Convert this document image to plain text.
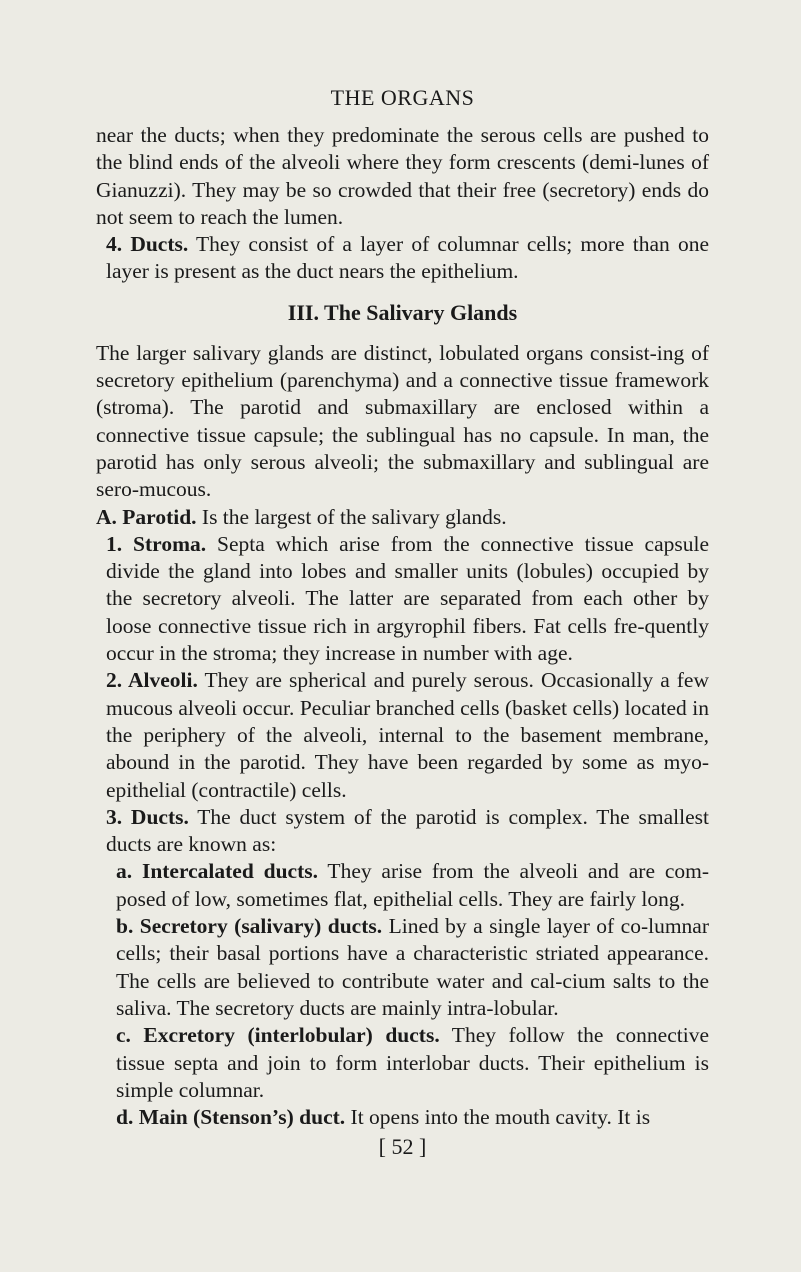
THE ORGANS

near the ducts; when they predominate the serous cells are pushed to the blind ends of the alveoli where they form crescents (demi-lunes of Gianuzzi). They may be so crowded that their free (secretory) ends do not seem to reach the lumen.

4. Ducts. They consist of a layer of columnar cells; more than one layer is present as the duct nears the epithelium.

III. The Salivary Glands

The larger salivary glands are distinct, lobulated organs consist-ing of secretory epithelium (parenchyma) and a connective tissue framework (stroma). The parotid and submaxillary are enclosed within a connective tissue capsule; the sublingual has no capsule. In man, the parotid has only serous alveoli; the submaxillary and sublingual are sero-mucous.

A. Parotid. Is the largest of the salivary glands.

1. Stroma. Septa which arise from the connective tissue capsule divide the gland into lobes and smaller units (lobules) occupied by the secretory alveoli. The latter are separated from each other by loose connective tissue rich in argyrophil fibers. Fat cells fre-quently occur in the stroma; they increase in number with age.

2. Alveoli. They are spherical and purely serous. Occasionally a few mucous alveoli occur. Peculiar branched cells (basket cells) located in the periphery of the alveoli, internal to the basement membrane, abound in the parotid. They have been regarded by some as myo-epithelial (contractile) cells.

3. Ducts. The duct system of the parotid is complex. The smallest ducts are known as:

a. Intercalated ducts. They arise from the alveoli and are com-posed of low, sometimes flat, epithelial cells. They are fairly long.

b. Secretory (salivary) ducts. Lined by a single layer of co-lumnar cells; their basal portions have a characteristic striated appearance. The cells are believed to contribute water and cal-cium salts to the saliva. The secretory ducts are mainly intra-lobular.

c. Excretory (interlobular) ducts. They follow the connective tissue septa and join to form interlobar ducts. Their epithelium is simple columnar.

d. Main (Stenson’s) duct. It opens into the mouth cavity. It is

[ 52 ]
